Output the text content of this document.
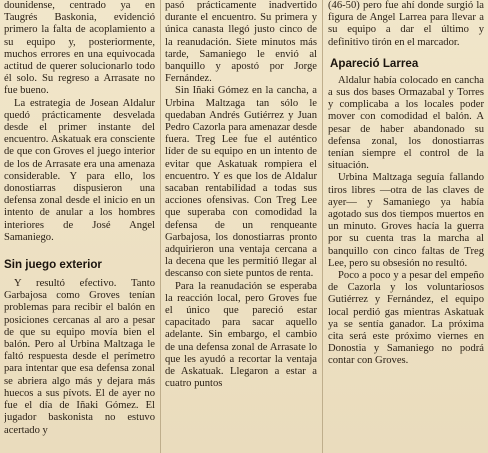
dounidense, centrado ya en Taugrés Baskonia, evidenció primero la falta de acoplamiento a su equipo y, posteriormente, muchos errores en una equivocada actitud de querer solucionarlo todo él solo. Su regreso a Arrasate no fue bueno.

La estrategia de Josean Aldalur quedó prácticamente desvelada desde el primer instante del encuentro. Askatuak era consciente de que con Groves el juego interior de los de Arrasate era una amenaza considerable. Y para ello, los donostiarras dispusieron una defensa zonal desde el inicio en un intento de anular a los hombres interiores de José Angel Samaniego.

Sin juego exterior

Y resultó efectivo. Tanto Garbajosa como Groves tenían problemas para recibir el balón en posiciones cercanas al aro a pesar de que su equipo movía bien el balón. Pero al Urbina Maltzaga le faltó respuesta desde el perímetro para intentar que esa defensa zonal se abriera algo más y dejara más huecos a sus pívots. El de ayer no fue el día de Iñaki Gómez. El jugador baskonista no estuvo acertado y

pasó prácticamente inadvertido durante el encuentro. Su primera y única canasta llegó justo cinco de la reanudación. Siete minutos más tarde, Samaniego le envió al banquillo y apostó por Jorge Fernández.

Sin Iñaki Gómez en la cancha, a Urbina Maltzaga tan sólo le quedaban Andrés Gutiérrez y Juan Pedro Cazorla para amenazar desde fuera. Treg Lee fue el auténtico líder de su equipo en un intento de evitar que Askatuak rompiera el encuentro. Y es que los de Aldalur sacaban rentabilidad a todas sus acciones ofensivas. Con Treg Lee que superaba con comodidad la defensa de un renqueante Garbajosa, los donostiarras pronto adquirieron una ventaja cercana a la decena que les permitió llegar al descanso con siete puntos de renta.

Para la reanudación se esperaba la reacción local, pero Groves fue el único que pareció estar capacitado para sacar aquello adelante. Sin embargo, el cambio de una defensa zonal de Arrasate lo que les ayudó a recortar la ventaja de Askatuak. Llegaron a estar a cuatro puntos

(46-50) pero fue ahí donde surgió la figura de Angel Larrea para llevar a su equipo a dar el último y definitivo tirón en el marcador.

Apareció Larrea

Aldalur había colocado en cancha a sus dos bases Ormazabal y Torres y complicaba a los locales poder mover con comodidad el balón. A pesar de haber abandonado su defensa zonal, los donostiarras tenían siempre el control de la situación.

Urbina Maltzaga seguía fallando tiros libres —otra de las claves de ayer— y Samaniego ya había agotado sus dos tiempos muertos en un minuto. Groves hacía la guerra por su cuenta tras la marcha al banquillo con cinco faltas de Treg Lee, pero su obsesión no resultó.

Poco a poco y a pesar del empeño de Cazorla y los voluntariosos Gutiérrez y Fernández, el equipo local perdió gas mientras Askatuak ya se sentía ganador. La próxima cita será este próximo viernes en Donostia y Samaniego no podrá contar con Groves.
